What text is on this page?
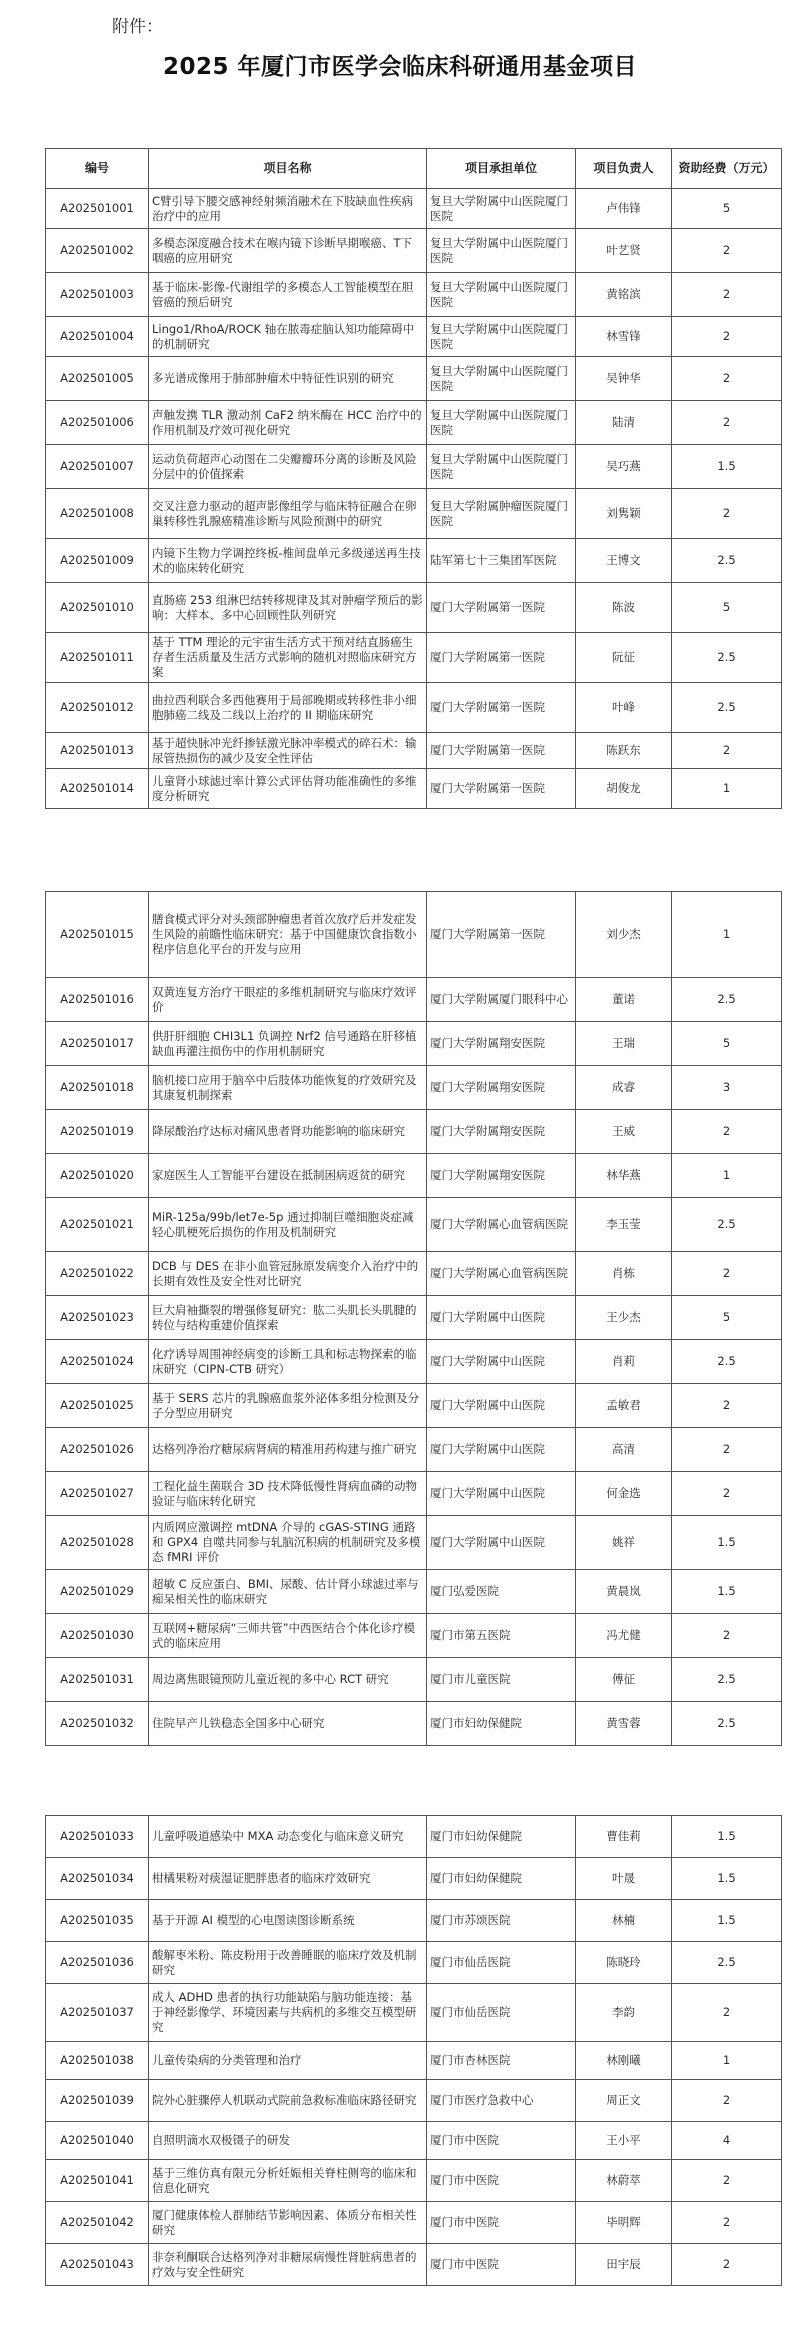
附件：
2025 年厦门市医学会临床科研通用基金项目
编号	项目名称	项目承担单位	项目负责人	资助经费（万元）
A202501001	C臂引导下腰交感神经射频消融术在下肢缺血性疾病治疗中的应用	复旦大学附属中山医院厦门医院	卢伟锋	5
A202501002	多模态深度融合技术在喉内镜下诊断早期喉癌、T下咽癌的应用研究	复旦大学附属中山医院厦门医院	叶艺贤	2
A202501003	基于临床-影像-代谢组学的多模态人工智能模型在胆管癌的预后研究	复旦大学附属中山医院厦门医院	黄铭滨	2
A202501004	Lingo1/RhoA/ROCK 轴在脓毒症脑认知功能障碍中的机制研究	复旦大学附属中山医院厦门医院	林雪锋	2
A202501005	多光谱成像用于肺部肿瘤术中特征性识别的研究	复旦大学附属中山医院厦门医院	吴钟华	2
A202501006	声触发携 TLR 激动剂 CaF2 纳米酶在 HCC 治疗中的作用机制及疗效可视化研究	复旦大学附属中山医院厦门医院	陆清	2
A202501007	运动负荷超声心动图在二尖瓣瓣环分离的诊断及风险分层中的价值探索	复旦大学附属中山医院厦门医院	吴巧燕	1.5
A202501008	交叉注意力驱动的超声影像组学与临床特征融合在卵巢转移性乳腺癌精准诊断与风险预测中的研究	复旦大学附属肿瘤医院厦门医院	刘隽颖	2
A202501009	内镜下生物力学调控终板-椎间盘单元多级递送再生技术的临床转化研究	陆军第七十三集团军医院	王博文	2.5
A202501010	直肠癌 253 组淋巴结转移规律及其对肿瘤学预后的影响：大样本、多中心回顾性队列研究	厦门大学附属第一医院	陈波	5
A202501011	基于 TTM 理论的元宇宙生活方式干预对结直肠癌生存者生活质量及生活方式影响的随机对照临床研究方案	厦门大学附属第一医院	阮征	2.5
A202501012	曲拉西利联合多西他赛用于局部晚期或转移性非小细胞肺癌二线及二线以上治疗的 II 期临床研究	厦门大学附属第一医院	叶峰	2.5
A202501013	基于超快脉冲光纤掺铥激光脉冲率模式的碎石术：输尿管热损伤的减少及安全性评估	厦门大学附属第一医院	陈跃东	2
A202501014	儿童肾小球滤过率计算公式评估肾功能准确性的多维度分析研究	厦门大学附属第一医院	胡俊龙	1
A202501015	膳食模式评分对头颈部肿瘤患者首次放疗后并发症发生风险的前瞻性临床研究：基于中国健康饮食指数小程序信息化平台的开发与应用	厦门大学附属第一医院	刘少杰	1
A202501016	双黄连复方治疗干眼症的多维机制研究与临床疗效评价	厦门大学附属厦门眼科中心	董诺	2.5
A202501017	供肝肝细胞 CHI3L1 负调控 Nrf2 信号通路在肝移植缺血再灌注损伤中的作用机制研究	厦门大学附属翔安医院	王瑞	5
A202501018	脑机接口应用于脑卒中后肢体功能恢复的疗效研究及其康复机制探索	厦门大学附属翔安医院	成睿	3
A202501019	降尿酸治疗达标对痛风患者肾功能影响的临床研究	厦门大学附属翔安医院	王威	2
A202501020	家庭医生人工智能平台建设在抵制困病返贫的研究	厦门大学附属翔安医院	林华燕	1
A202501021	MiR-125a/99b/let7e-5p 通过抑制巨噬细胞炎症减轻心肌梗死后损伤的作用及机制研究	厦门大学附属心血管病医院	李玉莹	2.5
A202501022	DCB 与 DES 在非小血管冠脉原发病变介入治疗中的长期有效性及安全性对比研究	厦门大学附属心血管病医院	肖栋	2
A202501023	巨大肩袖撕裂的增强修复研究：肱二头肌长头肌腱的转位与结构重建价值探索	厦门大学附属中山医院	王少杰	5
A202501024	化疗诱导周围神经病变的诊断工具和标志物探索的临床研究（CIPN-CTB 研究）	厦门大学附属中山医院	肖莉	2.5
A202501025	基于 SERS 芯片的乳腺癌血浆外泌体多组分检测及分子分型应用研究	厦门大学附属中山医院	孟敏君	2
A202501026	达格列净治疗糖尿病肾病的精准用药构建与推广研究	厦门大学附属中山医院	高清	2
A202501027	工程化益生菌联合 3D 技术降低慢性肾病血磷的动物验证与临床转化研究	厦门大学附属中山医院	何金选	2
A202501028	内质网应激调控 mtDNA 介导的 cGAS-STING 通路和 GPX4 自噬共同参与轧脑沉积病的机制研究及多模态 fMRI 评价	厦门大学附属中山医院	姚祥	1.5
A202501029	超敏 C 反应蛋白、BMI、尿酸、估计肾小球滤过率与痴呆相关性的临床研究	厦门弘爱医院	黄晨岚	1.5
A202501030	互联网+糖尿病“三师共管”中西医结合个体化诊疗模式的临床应用	厦门市第五医院	冯尤健	2
A202501031	周边离焦眼镜预防儿童近视的多中心 RCT 研究	厦门市儿童医院	傅征	2.5
A202501032	住院早产儿铁稳态全国多中心研究	厦门市妇幼保健院	黄雪蓉	2.5
A202501033	儿童呼吸道感染中 MXA 动态变化与临床意义研究	厦门市妇幼保健院	曹佳莉	1.5
A202501034	柑橘果粉对痰湿证肥胖患者的临床疗效研究	厦门市妇幼保健院	叶晟	1.5
A202501035	基于开源 AI 模型的心电图读图诊断系统	厦门市苏颂医院	林楠	1.5
A202501036	酸解枣米粉、陈皮粉用于改善睡眠的临床疗效及机制研究	厦门市仙岳医院	陈晓玲	2.5
A202501037	成人 ADHD 患者的执行功能缺陷与脑功能连接：基于神经影像学、环境因素与共病机的多维交互模型研究	厦门市仙岳医院	李韵	2
A202501038	儿童传染病的分类管理和治疗	厦门市杏林医院	林刚曦	1
A202501039	院外心脏骤停人机联动式院前急救标准临床路径研究	厦门市医疗急救中心	周正文	2
A202501040	自照明滴水双极镊子的研发	厦门市中医院	王小平	4
A202501041	基于三维仿真有限元分析妊娠相关脊柱侧弯的临床和信息化研究	厦门市中医院	林蔚萃	2
A202501042	厦门健康体检人群肺结节影响因素、体质分布相关性研究	厦门市中医院	毕明辉	2
A202501043	非奈利酮联合达格列净对非糖尿病慢性肾脏病患者的疗效与安全性研究	厦门市中医院	田宇辰	2
